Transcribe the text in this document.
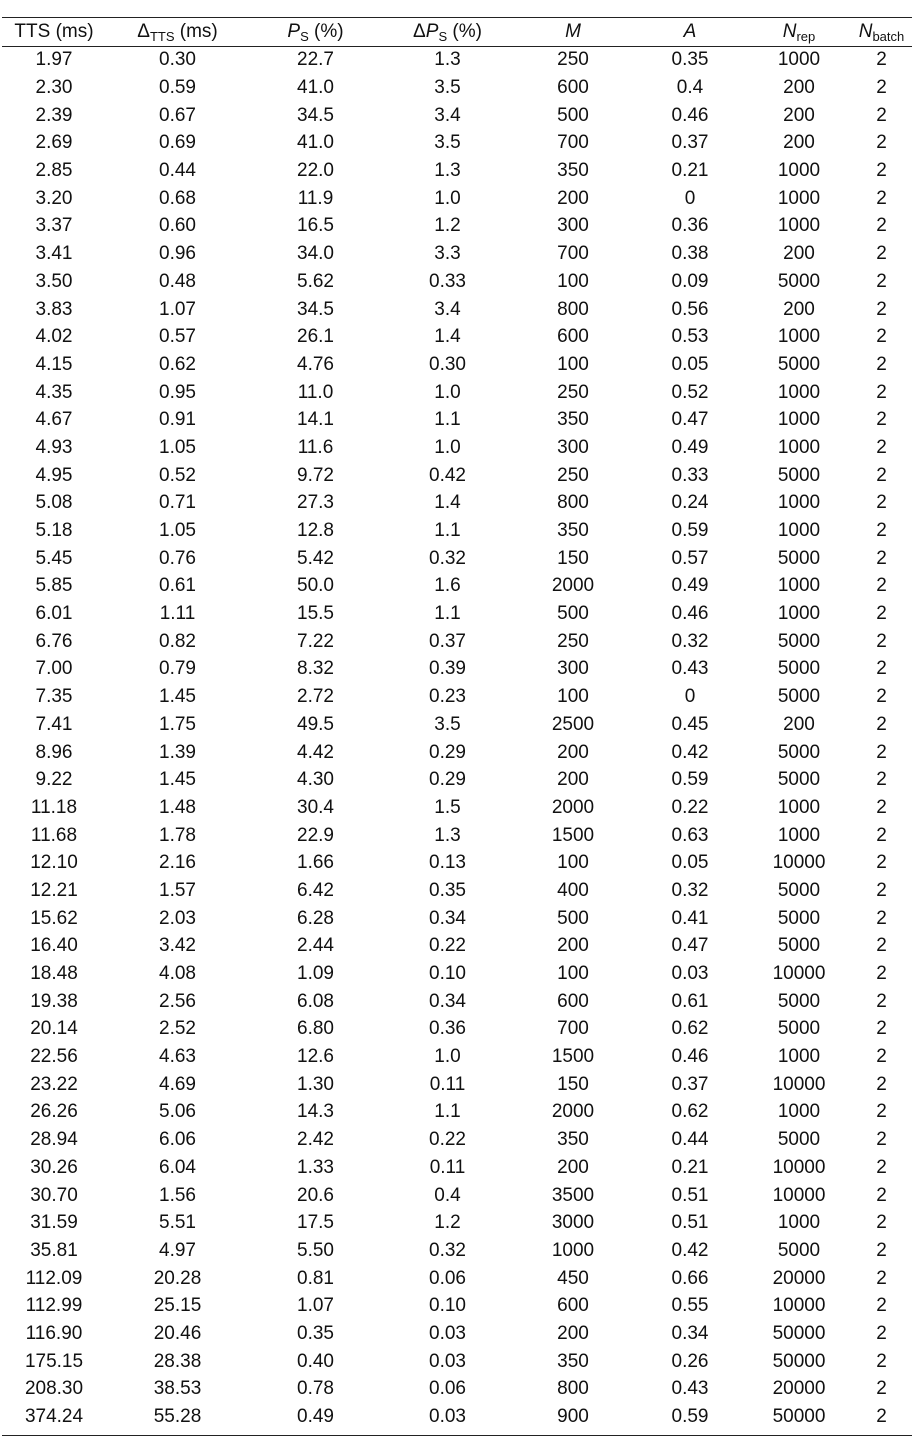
TTS (ms)	$\Delta_{TTS}$ (ms)	$P_S$ (%)	$\Delta P_S$ (%)	M	A	$N_{rep}$	$N_{batch}$
1.97	0.30	22.7	1.3	250	0.35	1000	2
2.30	0.59	41.0	3.5	600	0.4	200	2
2.39	0.67	34.5	3.4	500	0.46	200	2
2.69	0.69	41.0	3.5	700	0.37	200	2
2.85	0.44	22.0	1.3	350	0.21	1000	2
3.20	0.68	11.9	1.0	200	0	1000	2
3.37	0.60	16.5	1.2	300	0.36	1000	2
3.41	0.96	34.0	3.3	700	0.38	200	2
3.50	0.48	5.62	0.33	100	0.09	5000	2
3.83	1.07	34.5	3.4	800	0.56	200	2
4.02	0.57	26.1	1.4	600	0.53	1000	2
4.15	0.62	4.76	0.30	100	0.05	5000	2
4.35	0.95	11.0	1.0	250	0.52	1000	2
4.67	0.91	14.1	1.1	350	0.47	1000	2
4.93	1.05	11.6	1.0	300	0.49	1000	2
4.95	0.52	9.72	0.42	250	0.33	5000	2
5.08	0.71	27.3	1.4	800	0.24	1000	2
5.18	1.05	12.8	1.1	350	0.59	1000	2
5.45	0.76	5.42	0.32	150	0.57	5000	2
5.85	0.61	50.0	1.6	2000	0.49	1000	2
6.01	1.11	15.5	1.1	500	0.46	1000	2
6.76	0.82	7.22	0.37	250	0.32	5000	2
7.00	0.79	8.32	0.39	300	0.43	5000	2
7.35	1.45	2.72	0.23	100	0	5000	2
7.41	1.75	49.5	3.5	2500	0.45	200	2
8.96	1.39	4.42	0.29	200	0.42	5000	2
9.22	1.45	4.30	0.29	200	0.59	5000	2
11.18	1.48	30.4	1.5	2000	0.22	1000	2
11.68	1.78	22.9	1.3	1500	0.63	1000	2
12.10	2.16	1.66	0.13	100	0.05	10000	2
12.21	1.57	6.42	0.35	400	0.32	5000	2
15.62	2.03	6.28	0.34	500	0.41	5000	2
16.40	3.42	2.44	0.22	200	0.47	5000	2
18.48	4.08	1.09	0.10	100	0.03	10000	2
19.38	2.56	6.08	0.34	600	0.61	5000	2
20.14	2.52	6.80	0.36	700	0.62	5000	2
22.56	4.63	12.6	1.0	1500	0.46	1000	2
23.22	4.69	1.30	0.11	150	0.37	10000	2
26.26	5.06	14.3	1.1	2000	0.62	1000	2
28.94	6.06	2.42	0.22	350	0.44	5000	2
30.26	6.04	1.33	0.11	200	0.21	10000	2
30.70	1.56	20.6	0.4	3500	0.51	10000	2
31.59	5.51	17.5	1.2	3000	0.51	1000	2
35.81	4.97	5.50	0.32	1000	0.42	5000	2
112.09	20.28	0.81	0.06	450	0.66	20000	2
112.99	25.15	1.07	0.10	600	0.55	10000	2
116.90	20.46	0.35	0.03	200	0.34	50000	2
175.15	28.38	0.40	0.03	350	0.26	50000	2
208.30	38.53	0.78	0.06	800	0.43	20000	2
374.24	55.28	0.49	0.03	900	0.59	50000	2
